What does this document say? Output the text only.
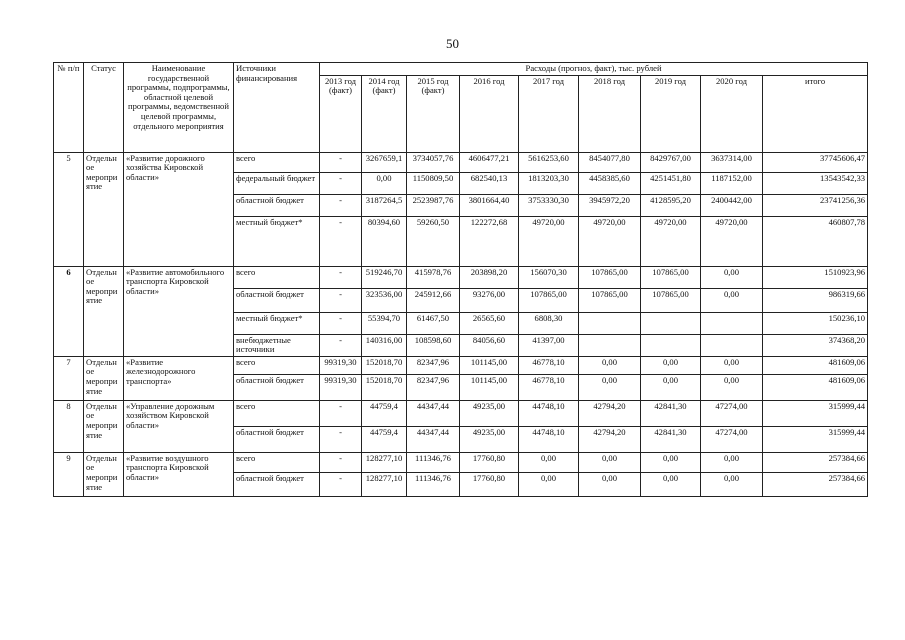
50
№ п/п	Статус	Наименование государственной программы, подпрограммы, областной целевой программы, ведомственной целевой программы, отдельного мероприятия	Источники финансирования	Расходы (прогноз, факт), тыс. рублей								
				2013 год (факт)	2014 год (факт)	2015 год (факт)	2016 год	2017 год	2018 год	2019 год	2020 год	итого
5	Отдельное мероприятие	«Развитие дорожного хозяйства Кировской области»	всего	-	3267659,1	3734057,76	4606477,21	5616253,60	8454077,80	8429767,00	3637314,00	37745606,47
			федеральный бюджет	-	0,00	1150809,50	682540,13	1813203,30	4458385,60	4251451,80	1187152,00	13543542,33
			областной бюджет	-	3187264,5	2523987,76	3801664,40	3753330,30	3945972,20	4128595,20	2400442,00	23741256,36
			местный бюджет*	-	80394,60	59260,50	122272,68	49720,00	49720,00	49720,00	49720,00	460807,78
6	Отдельное мероприятие	«Развитие автомобильного транспорта Кировской области»	всего	-	519246,70	415978,76	203898,20	156070,30	107865,00	107865,00	0,00	1510923,96
			областной бюджет	-	323536,00	245912,66	93276,00	107865,00	107865,00	107865,00	0,00	986319,66
			местный бюджет*	-	55394,70	61467,50	26565,60	6808,30				150236,10
			внебюджетные источники	-	140316,00	108598,60	84056,60	41397,00				374368,20
7	Отдельное мероприятие	«Развитие железнодорожного транспорта»	всего	99319,30	152018,70	82347,96	101145,00	46778,10	0,00	0,00	0,00	481609,06
			областной бюджет	99319,30	152018,70	82347,96	101145,00	46778,10	0,00	0,00	0,00	481609,06
8	Отдельное мероприятие	«Управление дорожным хозяйством Кировской области»	всего	-	44759,4	44347,44	49235,00	44748,10	42794,20	42841,30	47274,00	315999,44
			областной бюджет	-	44759,4	44347,44	49235,00	44748,10	42794,20	42841,30	47274,00	315999,44
9	Отдельное мероприятие	«Развитие воздушного транспорта Кировской области»	всего	-	128277,10	111346,76	17760,80	0,00	0,00	0,00	0,00	257384,66
			областной бюджет	-	128277,10	111346,76	17760,80	0,00	0,00	0,00	0,00	257384,66
